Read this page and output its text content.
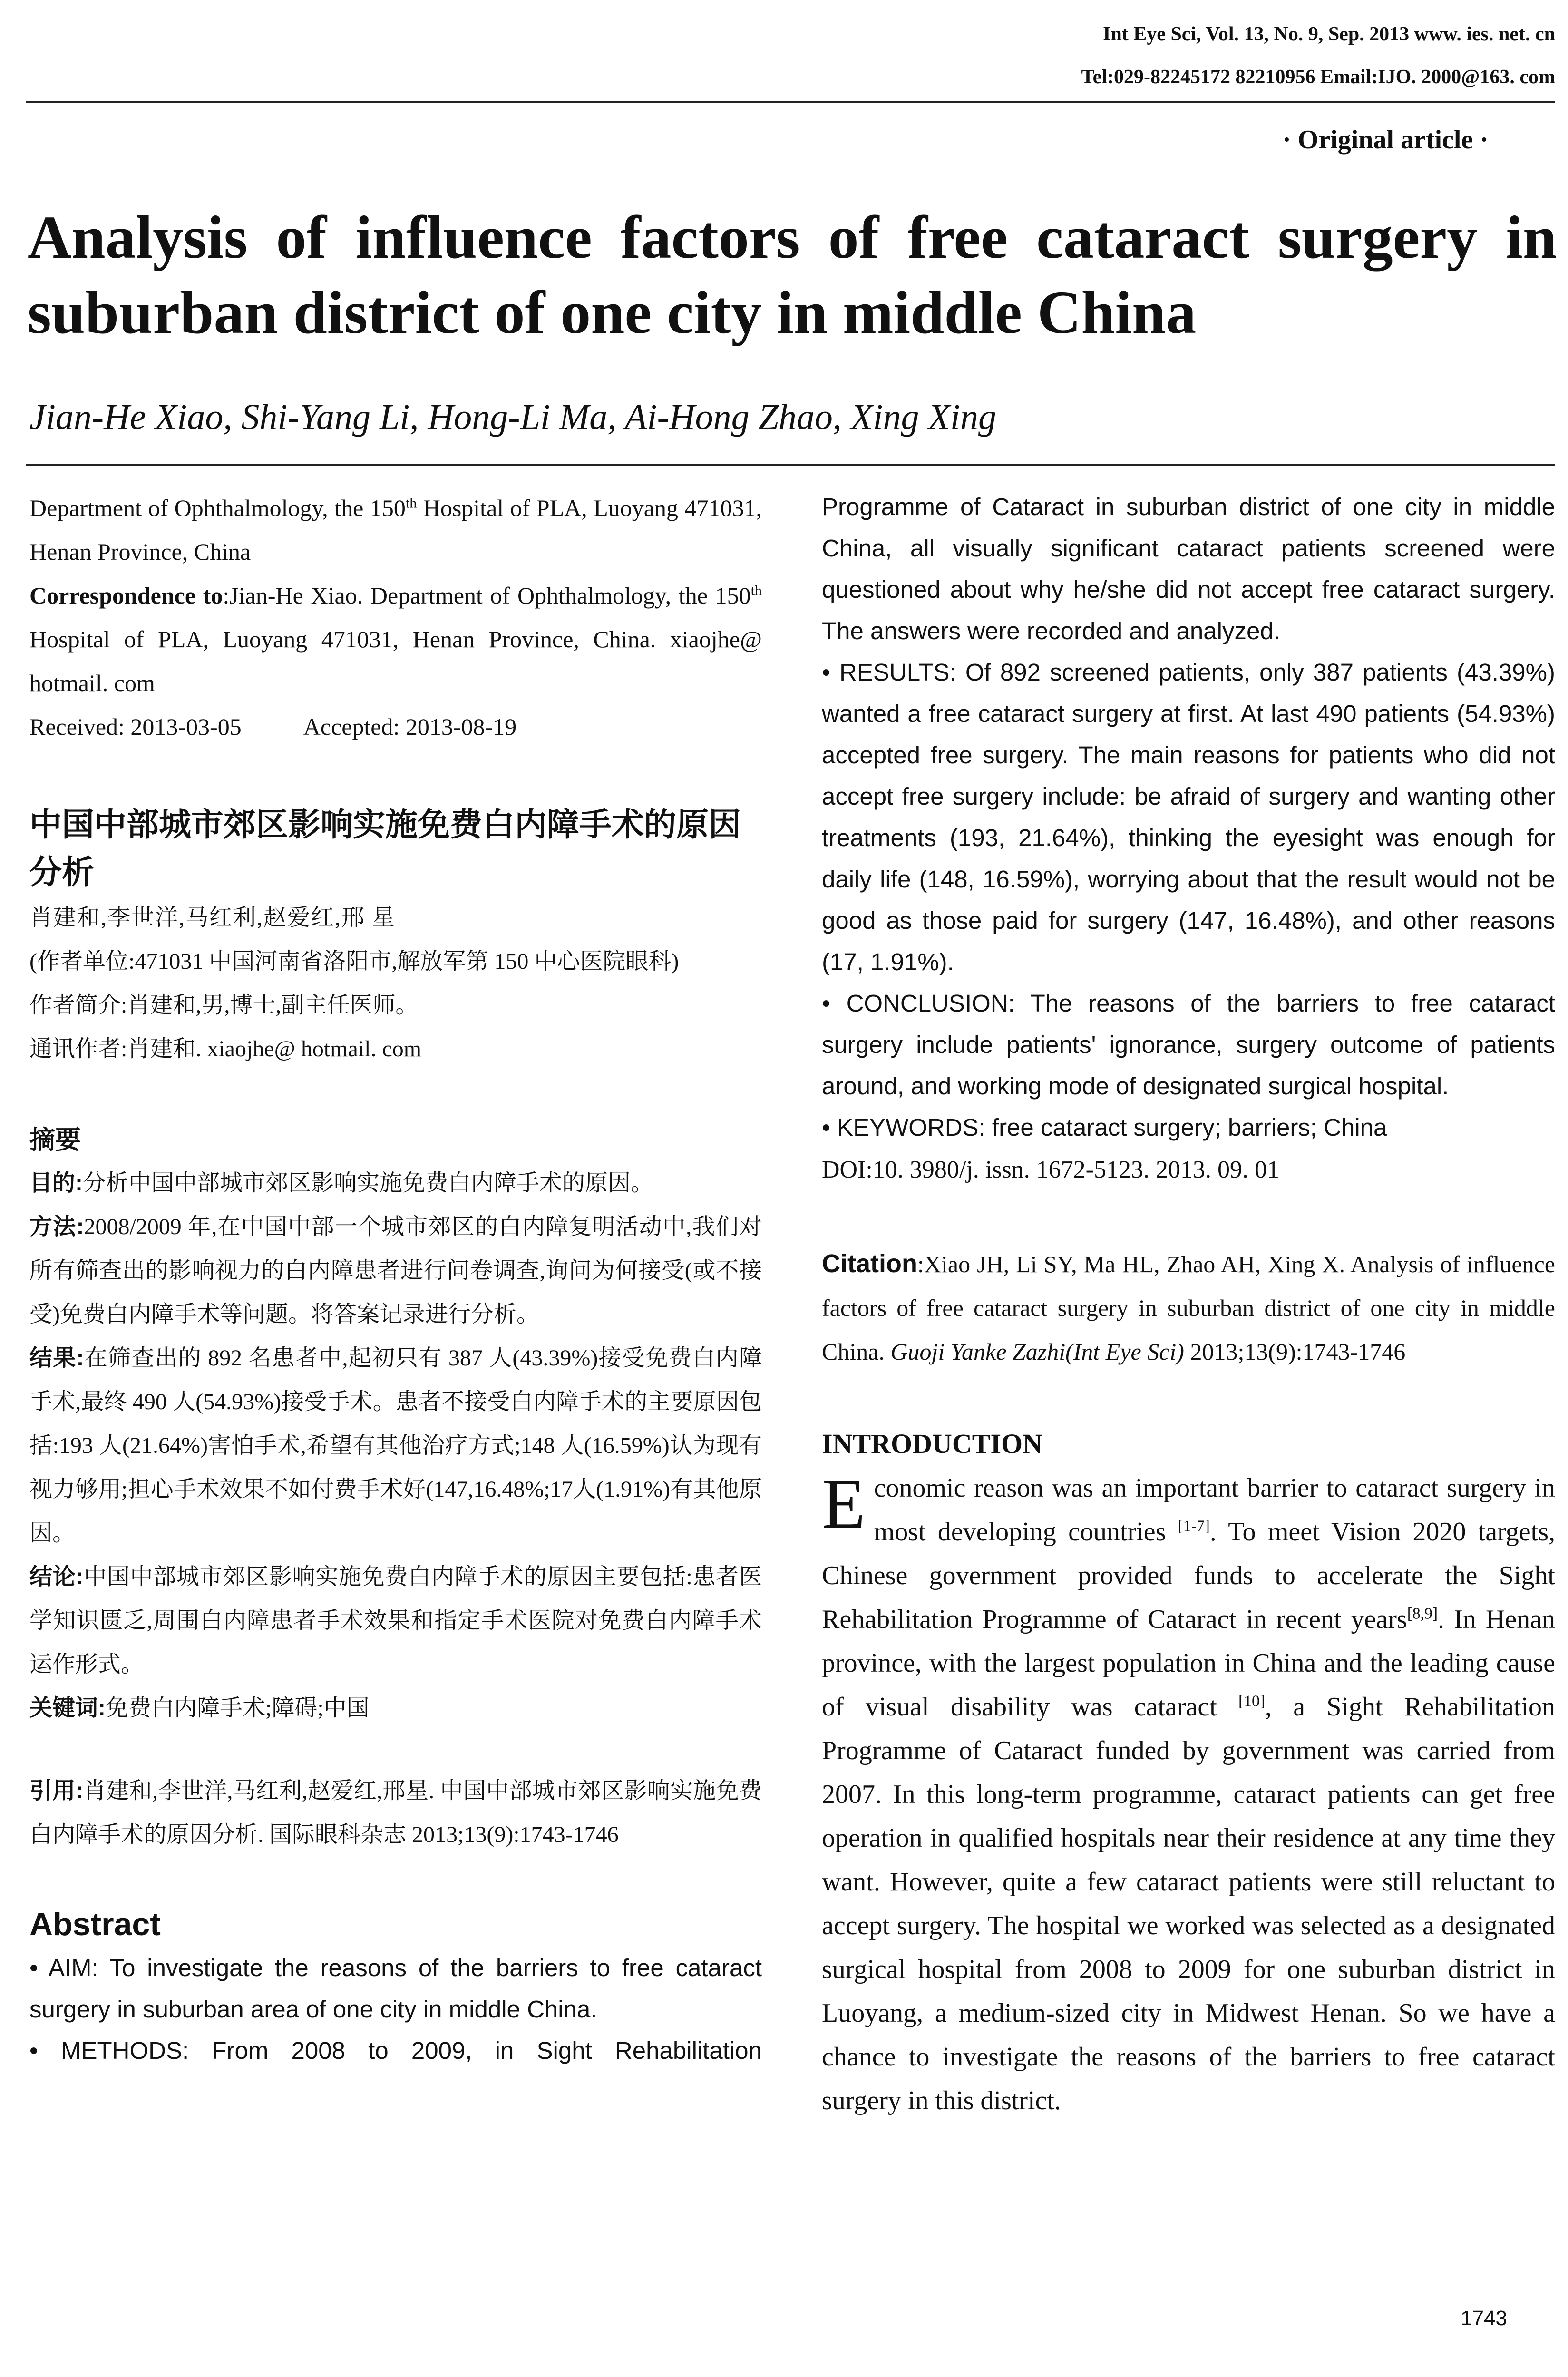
Int Eye Sci, Vol. 13, No. 9, Sep. 2013 www. ies. net. cn
Tel:029-82245172 82210956 Email:IJO. 2000@163. com
· Original article ·
Analysis of influence factors of free cataract surgery in suburban district of one city in middle China
Jian-He Xiao, Shi-Yang Li, Hong-Li Ma, Ai-Hong Zhao, Xing Xing

Department of Ophthalmology, the 150th Hospital of PLA, Luoyang 471031, Henan Province, China

Correspondence to:Jian-He Xiao. Department of Ophthalmology, the 150th Hospital of PLA, Luoyang 471031, Henan Province, China. xiaojhe@ hotmail. com

Received: 2013-03-05	Accepted: 2013-08-19

中国中部城市郊区影响实施免费白内障手术的原因分析
肖建和,李世洋,马红利,赵爱红,邢 星
(作者单位:471031 中国河南省洛阳市,解放军第 150 中心医院眼科)
作者简介:肖建和,男,博士,副主任医师。
通讯作者:肖建和. xiaojhe@ hotmail. com
摘要

目的:分析中国中部城市郊区影响实施免费白内障手术的原因。

方法:2008/2009 年,在中国中部一个城市郊区的白内障复明活动中,我们对所有筛查出的影响视力的白内障患者进行问卷调查,询问为何接受(或不接受)免费白内障手术等问题。将答案记录进行分析。

结果:在筛查出的 892 名患者中,起初只有 387 人(43.39%)接受免费白内障手术,最终 490 人(54.93%)接受手术。患者不接受白内障手术的主要原因包括:193 人(21.64%)害怕手术,希望有其他治疗方式;148 人(16.59%)认为现有视力够用;担心手术效果不如付费手术好(147,16.48%;17人(1.91%)有其他原因。

结论:中国中部城市郊区影响实施免费白内障手术的原因主要包括:患者医学知识匮乏,周围白内障患者手术效果和指定手术医院对免费白内障手术运作形式。

关键词:免费白内障手术;障碍;中国

引用:肖建和,李世洋,马红利,赵爱红,邢星. 中国中部城市郊区影响实施免费白内障手术的原因分析. 国际眼科杂志 2013;13(9):1743-1746

Abstract

• AIM: To investigate the reasons of the barriers to free cataract surgery in suburban area of one city in middle China.

• METHODS: From 2008 to 2009, in Sight Rehabilitation

Programme of Cataract in suburban district of one city in middle China, all visually significant cataract patients screened were questioned about why he/she did not accept free cataract surgery. The answers were recorded and analyzed.

• RESULTS: Of 892 screened patients, only 387 patients (43.39%) wanted a free cataract surgery at first. At last 490 patients (54.93%) accepted free surgery. The main reasons for patients who did not accept free surgery include: be afraid of surgery and wanting other treatments (193, 21.64%), thinking the eyesight was enough for daily life (148, 16.59%), worrying about that the result would not be good as those paid for surgery (147, 16.48%), and other reasons (17, 1.91%).

• CONCLUSION: The reasons of the barriers to free cataract surgery include patients' ignorance, surgery outcome of patients around, and working mode of designated surgical hospital.

• KEYWORDS: free cataract surgery; barriers; China

DOI:10. 3980/j. issn. 1672-5123. 2013. 09. 01

Citation:Xiao JH, Li SY, Ma HL, Zhao AH, Xing X. Analysis of influence factors of free cataract surgery in suburban district of one city in middle China. Guoji Yanke Zazhi(Int Eye Sci) 2013;13(9):1743-1746

INTRODUCTION

Economic reason was an important barrier to cataract surgery in most developing countries [1-7]. To meet Vision 2020 targets, Chinese government provided funds to accelerate the Sight Rehabilitation Programme of Cataract in recent years[8,9]. In Henan province, with the largest population in China and the leading cause of visual disability was cataract [10], a Sight Rehabilitation Programme of Cataract funded by government was carried from 2007. In this long-term programme, cataract patients can get free operation in qualified hospitals near their residence at any time they want. However, quite a few cataract patients were still reluctant to accept surgery. The hospital we worked was selected as a designated surgical hospital from 2008 to 2009 for one suburban district in Luoyang, a medium-sized city in Midwest Henan. So we have a chance to investigate the reasons of the barriers to free cataract surgery in this district.

1743
